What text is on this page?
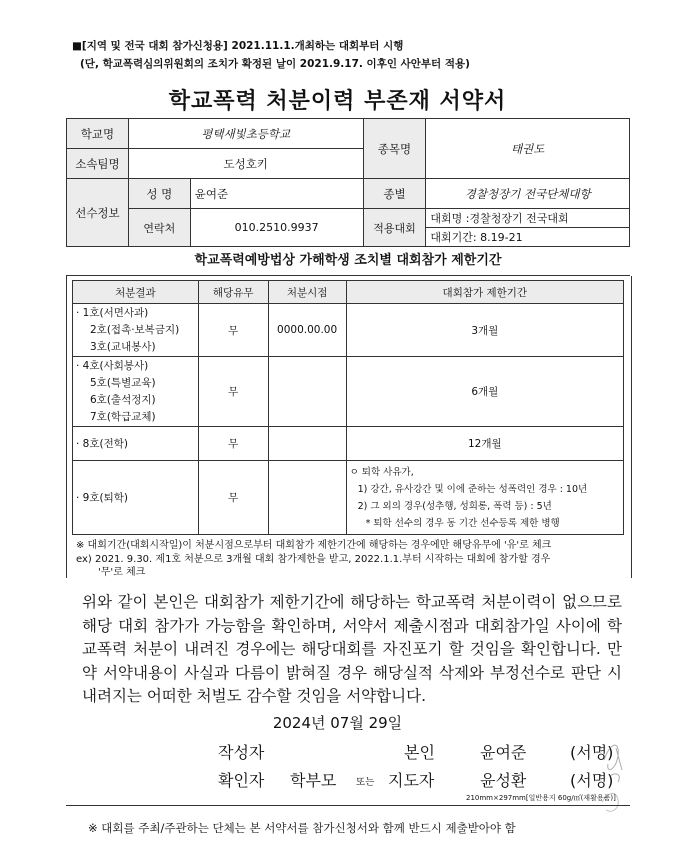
■[지역 및 전국 대회 참가신청용] 2021.11.1.개최하는 대회부터 시행
(단, 학교폭력심의위원회의 조치가 확정된 날이 2021.9.17. 이후인 사안부터 적용)
학교폭력 처분이력 부존재 서약서
학교명	평택새빛초등학교		종목명	태권도
소속팀명	도성호키			
선수정보	성 명	윤여준	종별	경찰청장기 전국단체대항
	연락처	010.2510.9937	적용대회	대회명 :경찰청장기 전국대회
				대회기간: 8.19-21
학교폭력예방법상 가해학생 조치별 대회참가 제한기간
처분결과	해당유무	처분시점	대회참가 제한기간

· 1호(서면사과)
2호(접촉·보복금지)
3호(교내봉사)	무	0000.00.00	3개월

· 4호(사회봉사)
5호(특별교육)
6호(출석정지)
7호(학급교체)	무		6개월
· 8호(전학)	무		12개월
· 9호(퇴학)	무		ㅇ 퇴학 사유가,
1) 강간, 유사강간 및 이에 준하는 성폭력인 경우 : 10년
2) 그 외의 경우(성추행, 성희롱, 폭력 등) : 5년
* 퇴학 선수의 경우 동 기간 선수등록 제한 병행
※ 대회기간(대회시작일)이 처분시점으로부터 대회참가 제한기간에 해당하는 경우에만 해당유무에 '유'로 체크
ex) 2021. 9.30. 제1호 처분으로 3개월 대회 참가제한을 받고, 2022.1.1.부터 시작하는 대회에 참가할 경우
'무'로 체크
위와 같이 본인은 대회참가 제한기간에 해당하는 학교폭력 처분이력이 없으므로 해당 대회 참가가 가능함을 확인하며, 서약서 제출시점과 대회참가일 사이에 학교폭력 처분이 내려진 경우에는 해당대회를 자진포기 할 것임을 확인합니다. 만약 서약내용이 사실과 다름이 밝혀질 경우 해당실적 삭제와 부정선수로 판단 시 내려지는 어떠한 처벌도 감수할 것임을 서약합니다.
2024년 07월 29일
작성자	본인	윤여준	(서명)
확인자 학부모 또는 지도자	윤성환	(서명)
210mm×297mm[일반용지 60g/㎡(재활용품)]
※ 대회를 주최/주관하는 단체는 본 서약서를 참가신청서와 함께 반드시 제출받아야 함
